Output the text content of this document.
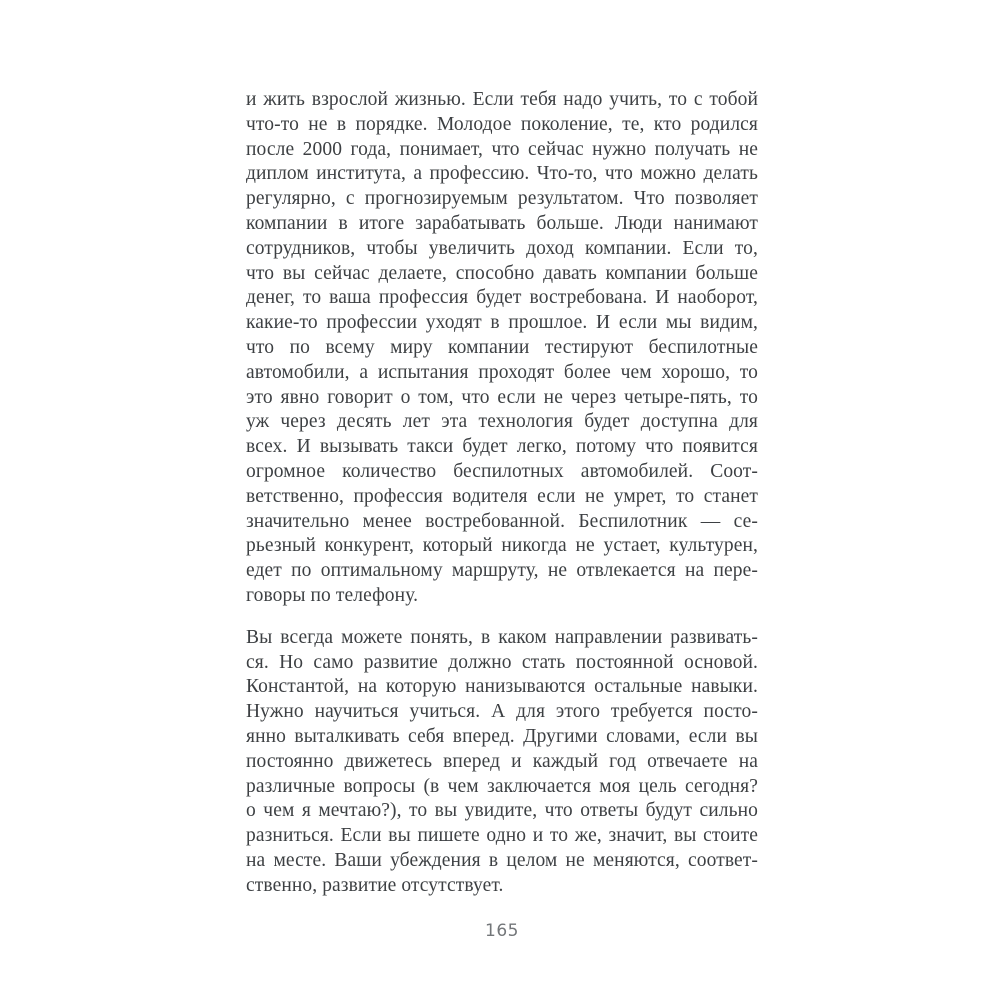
и жить взрослой жизнью. Если тебя надо учить, то с тобой
что-то не в порядке. Молодое поколение, те, кто родился
после 2000 года, понимает, что сейчас нужно получать не
диплом института, а профессию. Что-то, что можно делать
регулярно, с прогнозируемым результатом. Что позволяет
компании в итоге зарабатывать больше. Люди нанимают
сотрудников, чтобы увеличить доход компании. Если то,
что вы сейчас делаете, способно давать компании больше
денег, то ваша профессия будет востребована. И наоборот,
какие-то профессии уходят в прошлое. И если мы видим,
что по всему миру компании тестируют беспилотные
автомобили, а испытания проходят более чем хорошо, то
это явно говорит о том, что если не через четыре-пять, то
уж через десять лет эта технология будет доступна для
всех. И вызывать такси будет легко, потому что появится
огромное количество беспилотных автомобилей. Соот-
ветственно, профессия водителя если не умрет, то станет
значительно менее востребованной. Беспилотник — се-
рьезный конкурент, который никогда не устает, культурен,
едет по оптимальному маршруту, не отвлекается на пере-
говоры по телефону.
Вы всегда можете понять, в каком направлении развивать-
ся. Но само развитие должно стать постоянной основой.
Константой, на которую нанизываются остальные навыки.
Нужно научиться учиться. А для этого требуется посто-
янно выталкивать себя вперед. Другими словами, если вы
постоянно движетесь вперед и каждый год отвечаете на
различные вопросы (в чем заключается моя цель сегодня?
о чем я мечтаю?), то вы увидите, что ответы будут сильно
разниться. Если вы пишете одно и то же, значит, вы стоите
на месте. Ваши убеждения в целом не меняются, соответ-
ственно, развитие отсутствует.
165
